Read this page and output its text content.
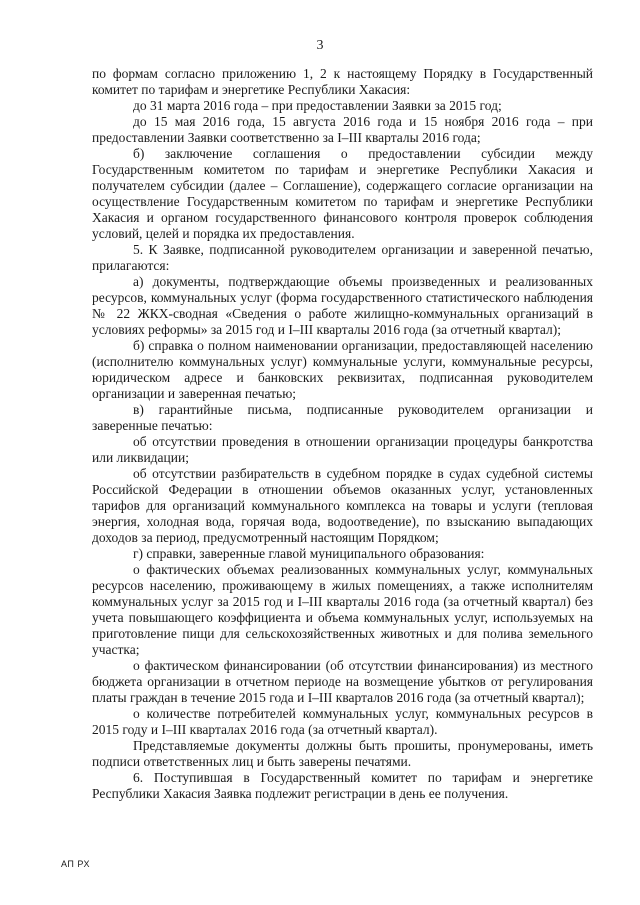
3

по формам согласно приложению 1, 2 к настоящему Порядку в Государственный комитет по тарифам и энергетике Республики Хакасия:

до 31 марта 2016 года – при предоставлении Заявки за 2015 год;

до 15 мая 2016 года, 15 августа 2016 года и 15 ноября 2016 года – при предоставлении Заявки соответственно за I–III кварталы 2016 года;

б) заключение соглашения о предоставлении субсидии между Государственным комитетом по тарифам и энергетике Республики Хакасия и получателем субсидии (далее – Соглашение), содержащего согласие организации на осуществление Государственным комитетом по тарифам и энергетике Республики Хакасия и органом государственного финансового контроля проверок соблюдения условий, целей и порядка их предоставления.

5. К Заявке, подписанной руководителем организации и заверенной печатью, прилагаются:

а) документы, подтверждающие объемы произведенных и реализованных ресурсов, коммунальных услуг (форма государственного статистического наблюдения № 22 ЖКХ-сводная «Сведения о работе жилищно-коммунальных организаций в условиях реформы» за 2015 год и I–III кварталы 2016 года (за отчетный квартал);

б) справка о полном наименовании организации, предоставляющей населению (исполнителю коммунальных услуг) коммунальные услуги, коммунальные ресурсы, юридическом адресе и банковских реквизитах, подписанная руководителем организации и заверенная печатью;

в) гарантийные письма, подписанные руководителем организации и заверенные печатью:

об отсутствии проведения в отношении организации процедуры банкротства или ликвидации;

об отсутствии разбирательств в судебном порядке в судах судебной системы Российской Федерации в отношении объемов оказанных услуг, установленных тарифов для организаций коммунального комплекса на товары и услуги (тепловая энергия, холодная вода, горячая вода, водоотведение), по взысканию выпадающих доходов за период, предусмотренный настоящим Порядком;

г) справки, заверенные главой муниципального образования:

о фактических объемах реализованных коммунальных услуг, коммунальных ресурсов населению, проживающему в жилых помещениях, а также исполнителям коммунальных услуг за 2015 год и I–III кварталы 2016 года (за отчетный квартал) без учета повышающего коэффициента и объема коммунальных услуг, используемых на приготовление пищи для сельскохозяйственных животных и для полива земельного участка;

о фактическом финансировании (об отсутствии финансирования) из местного бюджета организации в отчетном периоде на возмещение убытков от регулирования платы граждан в течение 2015 года и I–III кварталов 2016 года (за отчетный квартал);

о количестве потребителей коммунальных услуг, коммунальных ресурсов в 2015 году и I–III кварталах 2016 года (за отчетный квартал).

Представляемые документы должны быть прошиты, пронумерованы, иметь подписи ответственных лиц и быть заверены печатями.

6. Поступившая в Государственный комитет по тарифам и энергетике Республики Хакасия Заявка подлежит регистрации в день ее получения.

АП РХ
